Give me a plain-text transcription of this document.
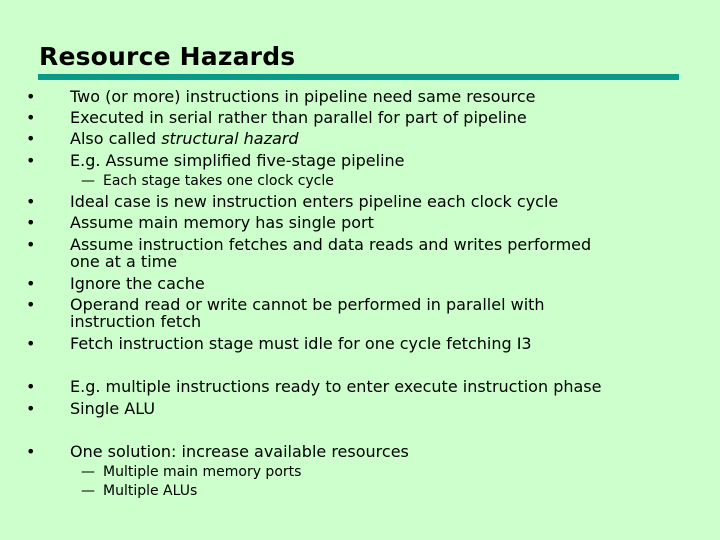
Resource Hazards
• Two (or more) instructions in pipeline need same resource
• Executed in serial rather than parallel for part of pipeline
• Also called structural hazard
• E.g. Assume simplified five-stage pipeline
— Each stage takes one clock cycle
• Ideal case is new instruction enters pipeline each clock cycle
• Assume main memory has single port
• Assume instruction fetches and data reads and writes performed
one at a time
• Ignore the cache
• Operand read or write cannot be performed in parallel with
instruction fetch
• Fetch instruction stage must idle for one cycle fetching I3
• E.g. multiple instructions ready to enter execute instruction phase
• Single ALU
• One solution: increase available resources
— Multiple main memory ports
— Multiple ALUs
